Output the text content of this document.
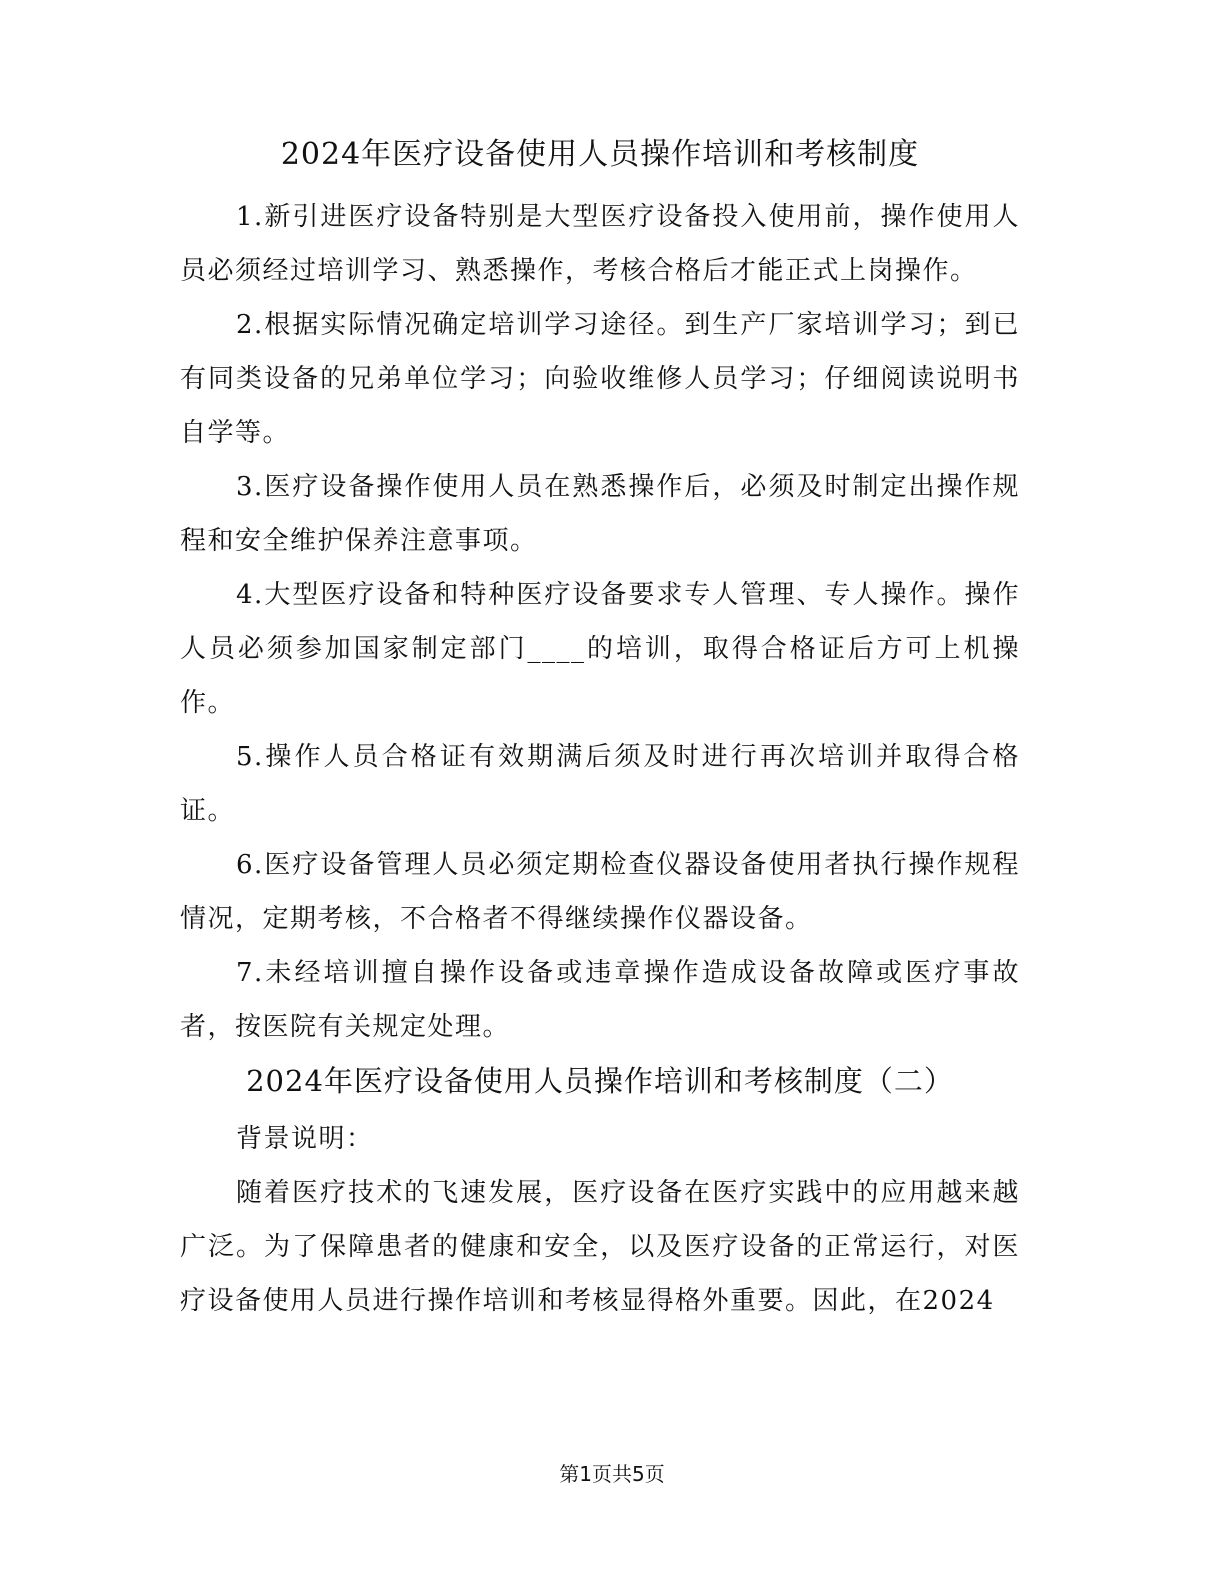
2024年医疗设备使用人员操作培训和考核制度

1.新引进医疗设备特别是大型医疗设备投入使用前，操作使用人员必须经过培训学习、熟悉操作，考核合格后才能正式上岗操作。

2.根据实际情况确定培训学习途径。到生产厂家培训学习；到已有同类设备的兄弟单位学习；向验收维修人员学习；仔细阅读说明书自学等。

3.医疗设备操作使用人员在熟悉操作后，必须及时制定出操作规程和安全维护保养注意事项。

4.大型医疗设备和特种医疗设备要求专人管理、专人操作。操作人员必须参加国家制定部门____的培训，取得合格证后方可上机操作。

5.操作人员合格证有效期满后须及时进行再次培训并取得合格证。

6.医疗设备管理人员必须定期检查仪器设备使用者执行操作规程情况，定期考核，不合格者不得继续操作仪器设备。

7.未经培训擅自操作设备或违章操作造成设备故障或医疗事故者，按医院有关规定处理。

2024年医疗设备使用人员操作培训和考核制度（二）

背景说明：

随着医疗技术的飞速发展，医疗设备在医疗实践中的应用越来越广泛。为了保障患者的健康和安全，以及医疗设备的正常运行，对医疗设备使用人员进行操作培训和考核显得格外重要。因此，在2024

第1页共5页
